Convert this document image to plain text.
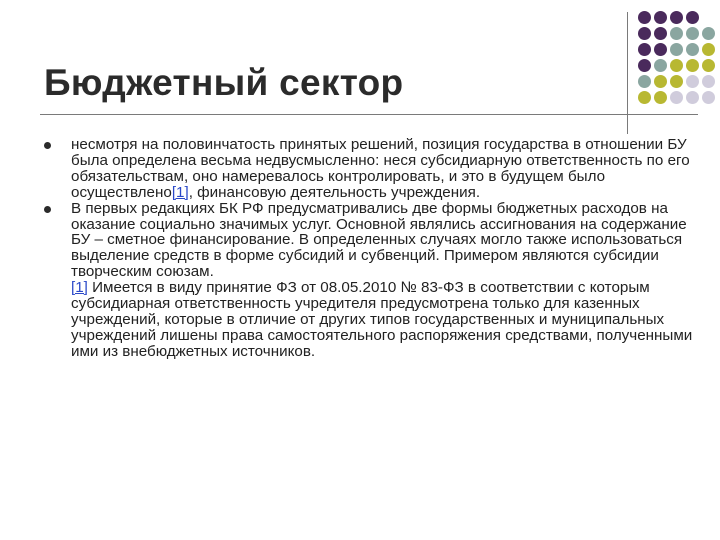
Бюджетный сектор
несмотря на половинчатость принятых решений, позиция государства в отношении БУ была определена весьма недвусмысленно: неся субсидиарную ответственность по его обязательствам, оно намеревалось контролировать, и это в будущем было осуществлено[1], финансовую деятельность учреждения.
В первых редакциях БК РФ предусматривались две формы бюджетных расходов на оказание социально значимых услуг. Основной являлись ассигнования на содержание БУ – сметное финансирование. В определенных случаях могло также использоваться выделение средств в форме субсидий и субвенций. Примером являются субсидии творческим союзам.
[1] Имеется в виду принятие ФЗ от 08.05.2010 № 83-ФЗ в соответствии с которым субсидиарная ответственность учредителя предусмотрена только для казенных учреждений, которые в отличие от других типов государственных и муниципальных учреждений лишены права самостоятельного распоряжения средствами, полученными ими из внебюджетных источников.
